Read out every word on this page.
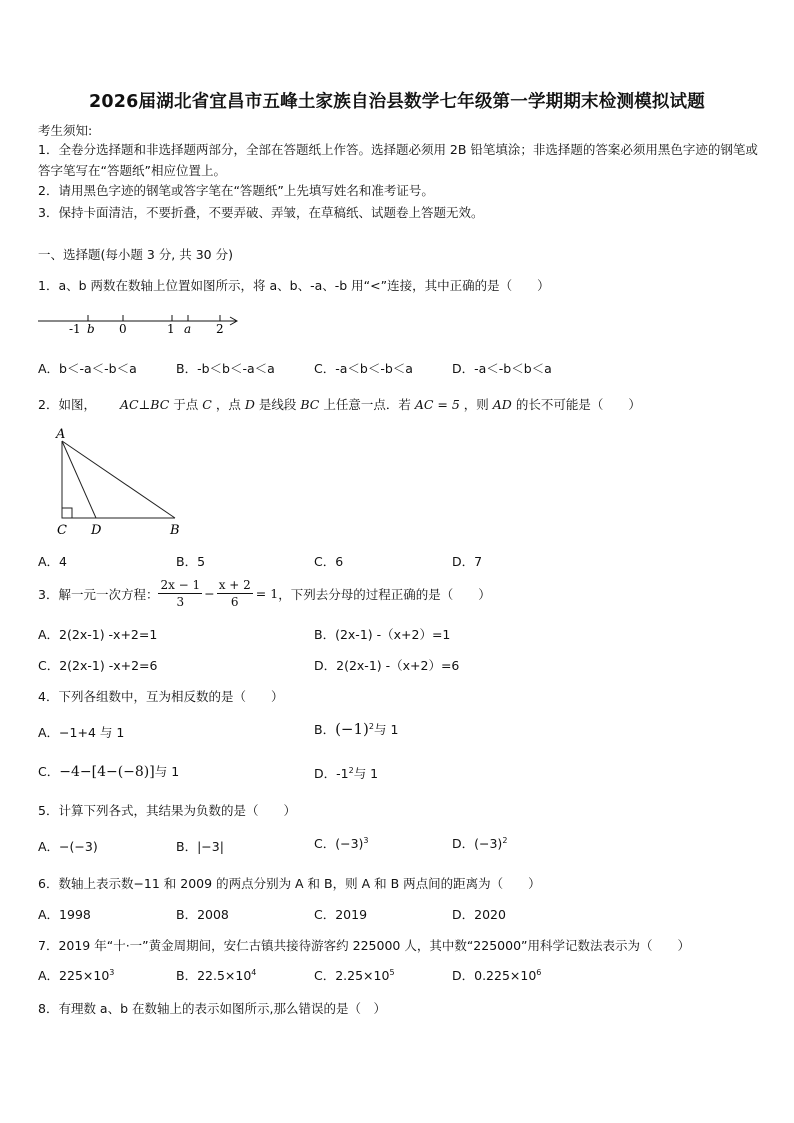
2026届湖北省宜昌市五峰土家族自治县数学七年级第一学期期末检测模拟试题
考生须知:
1．全卷分选择题和非选择题两部分，全部在答题纸上作答。选择题必须用 2B 铅笔填涂；非选择题的答案必须用黑色字迹的钢笔或答字笔写在“答题纸”相应位置上。
2．请用黑色字迹的钢笔或答字笔在“答题纸”上先填写姓名和准考证号。
3．保持卡面清洁，不要折叠，不要弄破、弄皱，在草稿纸、试题卷上答题无效。
一、选择题(每小题 3 分, 共 30 分)
1．a、b 两数在数轴上位置如图所示，将 a、b、-a、-b 用“<”连接，其中正确的是（　　）
-1 b 0	1 a 2
A．b＜-a＜-b＜a	B．-b＜b＜-a＜a	C．-a＜b＜-b＜a	D．-a＜-b＜b＜a
2．如图， AC⊥BC 于点 C ，点 D 是线段 BC 上任意一点．若 AC = 5 ，则 AD 的长不可能是（　　）
A
C D	B
A．4	B．5	C．6	D．7
3．解一元一次方程： $\frac{2x - 1}{3} - \frac{x + 2}{6} = 1$ ，下列去分母的过程正确的是（　　）
A．2(2x-1) -x+2=1	B．(2x-1) -（x+2）=1
C．2(2x-1) -x+2=6	D．2(2x-1) -（x+2）=6
4．下列各组数中，互为相反数的是（　　）
A．−1+4 与 1	B．$(-1)^2$与 1
C．−4−[4−(−8)]与 1	D．$-1^2$与 1
5．计算下列各式，其结果为负数的是（　　）
A．−(−3)	B．|−3|	C．$(-3)^3$	D．$(-3)^2$
6．数轴上表示数−11 和 2009 的两点分别为 A 和 B，则 A 和 B 两点间的距离为（　　）
A．1998	B．2008	C．2019	D．2020
7．2019 年“十·一”黄金周期间，安仁古镇共接待游客约 225000 人，其中数“225000”用科学记数法表示为（　　）
A．$225\times 10^3$	B．$22.5\times 10^4$	C．$2.25\times 10^5$	D．$0.225\times 10^6$
8．有理数 a、b 在数轴上的表示如图所示,那么错误的是（　）
